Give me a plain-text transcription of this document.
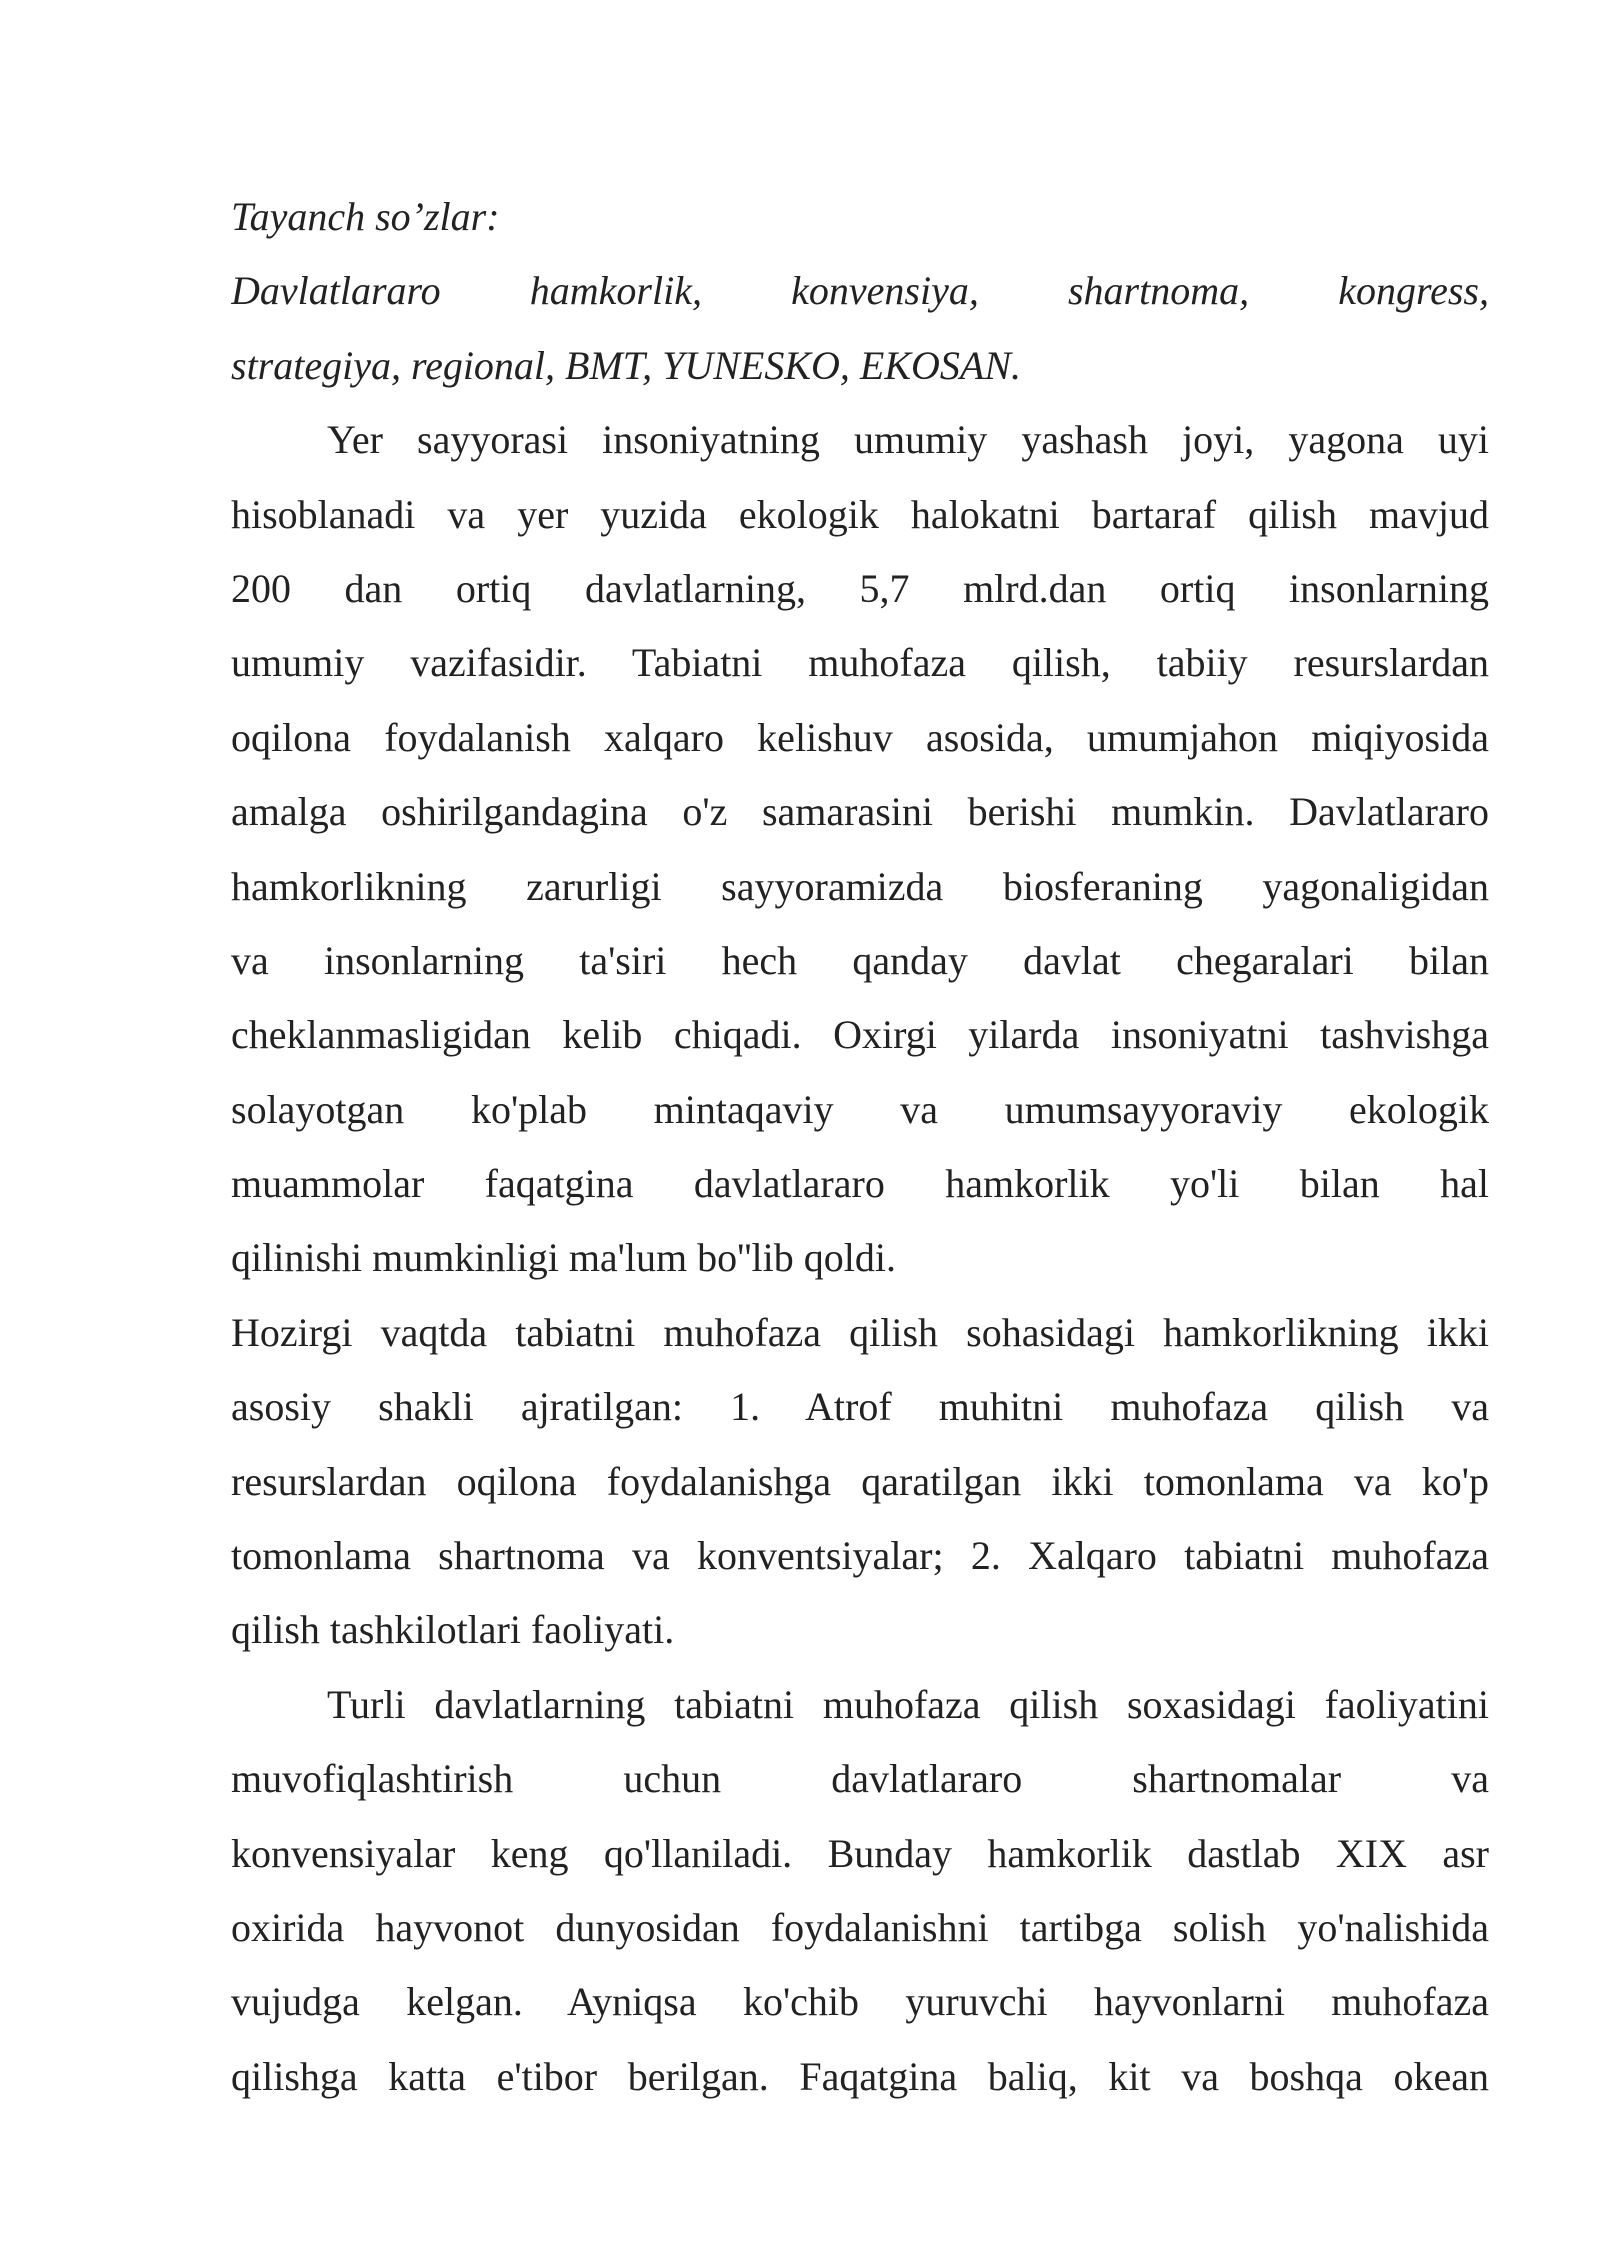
Tayanch so’zlar:
Davlatlararo hamkorlik, konvensiya, shartnoma, kongress,
strategiya, regional, BMT, YUNESKO, EKOSAN.
Yer sayyorasi insoniyatning umumiy yashash joyi, yagona uyi
hisoblanadi va yer yuzida ekologik halokatni bartaraf qilish mavjud
200 dan ortiq davlatlarning, 5,7 mlrd.dan ortiq insonlarning
umumiy vazifasidir. Tabiatni muhofaza qilish, tabiiy resurslardan
oqilona foydalanish xalqaro kelishuv asosida, umumjahon miqiyosida
amalga oshirilgandagina o'z samarasini berishi mumkin. Davlatlararo
hamkorlikning zarurligi sayyoramizda biosferaning yagonaligidan
va insonlarning ta'siri hech qanday davlat chegaralari bilan
cheklanmasligidan kelib chiqadi. Oxirgi yilarda insoniyatni tashvishga
solayotgan ko'plab mintaqaviy va umumsayyoraviy ekologik
muammolar faqatgina davlatlararo hamkorlik yo'li bilan hal
qilinishi mumkinligi ma'lum bo''lib qoldi.
Hozirgi vaqtda tabiatni muhofaza qilish sohasidagi hamkorlikning ikki
asosiy shakli ajratilgan: 1. Atrof muhitni muhofaza qilish va
resurslardan oqilona foydalanishga qaratilgan ikki tomonlama va ko'p
tomonlama shartnoma va konventsiyalar; 2. Xalqaro tabiatni muhofaza
qilish tashkilotlari faoliyati.
Turli davlatlarning tabiatni muhofaza qilish soxasidagi faoliyatini
muvofiqlashtirish uchun davlatlararo shartnomalar va
konvensiyalar keng qo'llaniladi. Bunday hamkorlik dastlab XIX asr
oxirida hayvonot dunyosidan foydalanishni tartibga solish yo'nalishida
vujudga kelgan. Ayniqsa ko'chib yuruvchi hayvonlarni muhofaza
qilishga katta e'tibor berilgan. Faqatgina baliq, kit va boshqa okean
